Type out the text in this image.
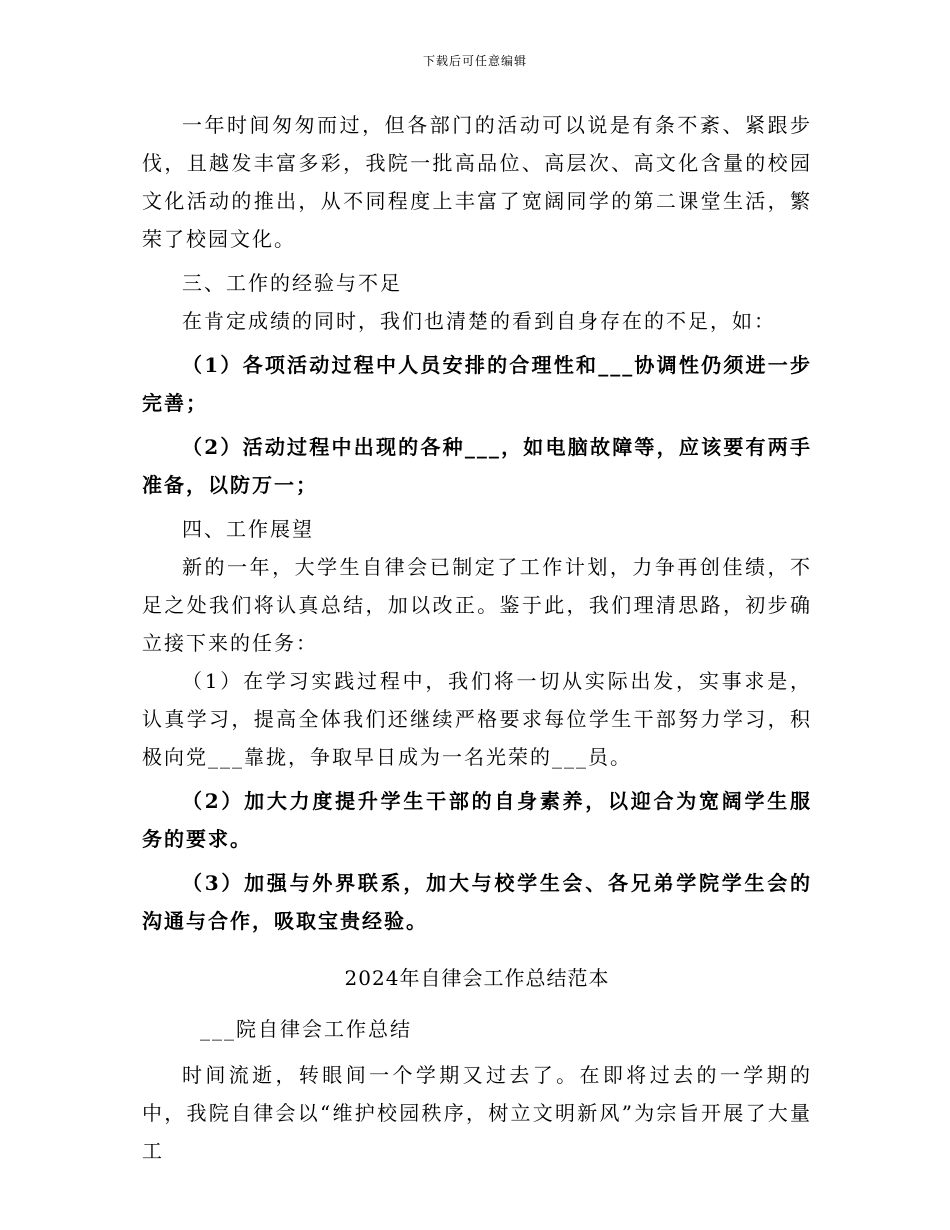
下载后可任意编辑

一年时间匆匆而过，但各部门的活动可以说是有条不紊、紧跟步伐，且越发丰富多彩，我院一批高品位、高层次、高文化含量的校园文化活动的推出，从不同程度上丰富了宽阔同学的第二课堂生活，繁荣了校园文化。

三、工作的经验与不足

在肯定成绩的同时，我们也清楚的看到自身存在的不足，如：

（1）各项活动过程中人员安排的合理性和___协调性仍须进一步完善；

（2）活动过程中出现的各种___，如电脑故障等，应该要有两手准备，以防万一；

四、工作展望

新的一年，大学生自律会已制定了工作计划，力争再创佳绩，不足之处我们将认真总结，加以改正。鉴于此，我们理清思路，初步确立接下来的任务：

（1）在学习实践过程中，我们将一切从实际出发，实事求是，认真学习，提高全体我们还继续严格要求每位学生干部努力学习，积极向党___靠拢，争取早日成为一名光荣的___员。

（2）加大力度提升学生干部的自身素养，以迎合为宽阔学生服务的要求。

（3）加强与外界联系，加大与校学生会、各兄弟学院学生会的沟通与合作，吸取宝贵经验。

2024年自律会工作总结范本
___院自律会工作总结

时间流逝，转眼间一个学期又过去了。在即将过去的一学期的中，我院自律会以“维护校园秩序，树立文明新风”为宗旨开展了大量工
